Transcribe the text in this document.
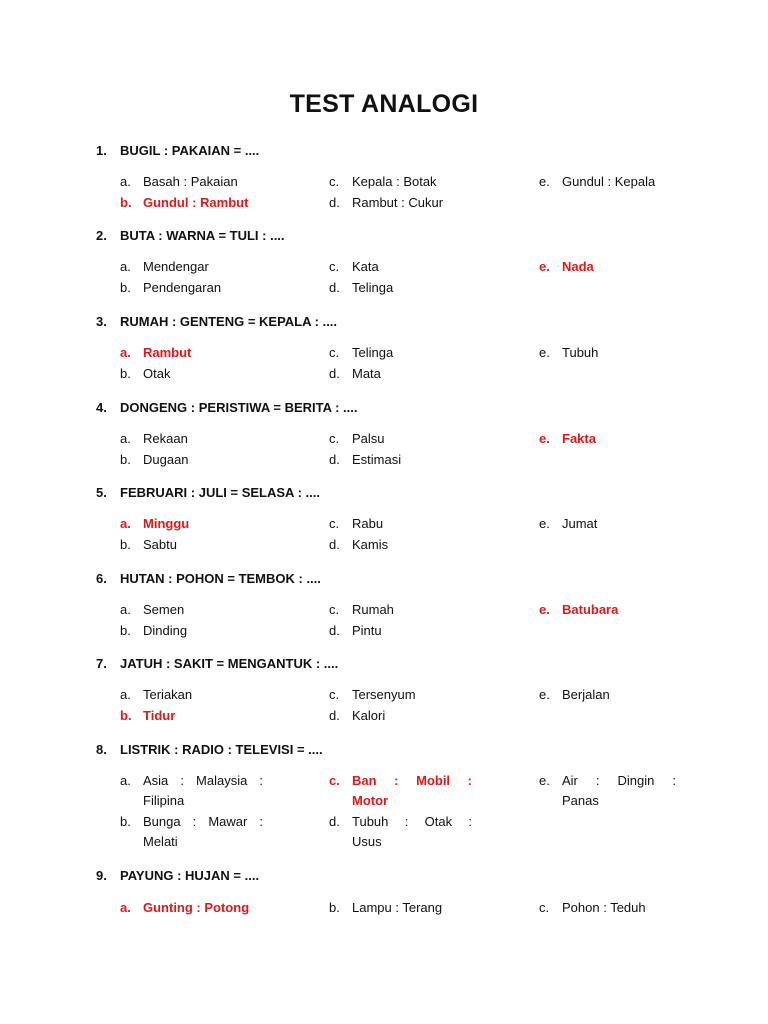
TEST ANALOGI
1. BUGIL : PAKAIAN = ....
a. Basah : Pakaian
b. Gundul : Rambut
c. Kepala : Botak
d. Rambut : Cukur
e. Gundul : Kepala
2. BUTA : WARNA = TULI : ....
a. Mendengar
b. Pendengaran
c. Kata
d. Telinga
e. Nada
3. RUMAH : GENTENG = KEPALA : ....
a. Rambut
b. Otak
c. Telinga
d. Mata
e. Tubuh
4. DONGENG : PERISTIWA = BERITA : ....
a. Rekaan
b. Dugaan
c. Palsu
d. Estimasi
e. Fakta
5. FEBRUARI : JULI = SELASA : ....
a. Minggu
b. Sabtu
c. Rabu
d. Kamis
e. Jumat
6. HUTAN : POHON = TEMBOK : ....
a. Semen
b. Dinding
c. Rumah
d. Pintu
e. Batubara
7. JATUH : SAKIT = MENGANTUK : ....
a. Teriakan
b. Tidur
c. Tersenyum
d. Kalori
e. Berjalan
8. LISTRIK : RADIO : TELEVISI = ....
a. Asia : Malaysia :
Filipina
b. Bunga : Mawar :
Melati
c. Ban : Mobil :
Motor
d. Tubuh : Otak :
Usus
e. Air : Dingin :
Panas
9. PAYUNG : HUJAN = ....
a. Gunting : Potong	b. Lampu : Terang	c. Pohon : Teduh
